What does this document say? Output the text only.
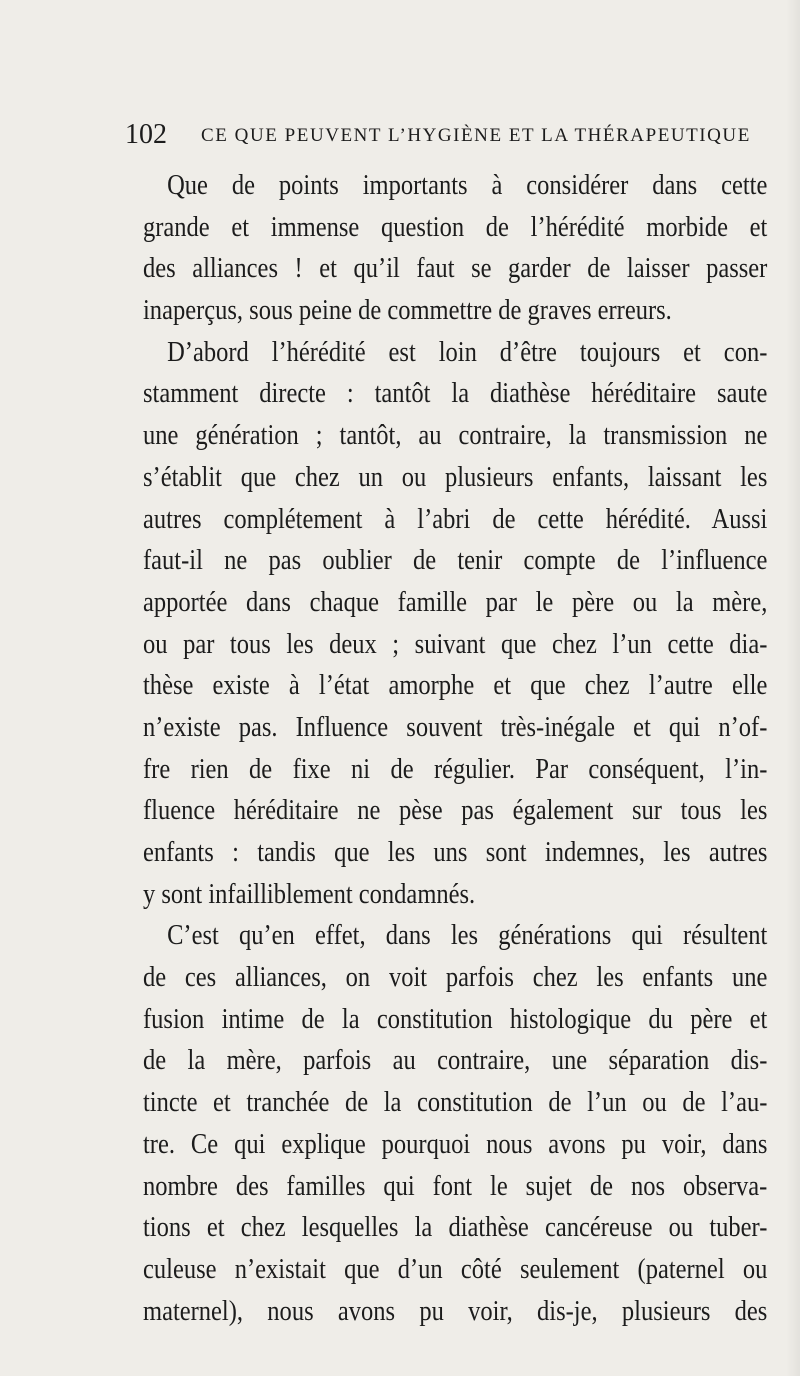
102 CE QUE PEUVENT L’HYGIÈNE ET LA THÉRAPEUTIQUE
Que de points importants à considérer dans cette
grande et immense question de l’hérédité morbide et
des alliances ! et qu’il faut se garder de laisser passer
inaperçus, sous peine de commettre de graves erreurs.
D’abord l’hérédité est loin d’être toujours et con-
stamment directe : tantôt la diathèse héréditaire saute
une génération ; tantôt, au contraire, la transmission ne
s’établit que chez un ou plusieurs enfants, laissant les
autres complétement à l’abri de cette hérédité. Aussi
faut-il ne pas oublier de tenir compte de l’influence
apportée dans chaque famille par le père ou la mère,
ou par tous les deux ; suivant que chez l’un cette dia-
thèse existe à l’état amorphe et que chez l’autre elle
n’existe pas. Influence souvent très-inégale et qui n’of-
fre rien de fixe ni de régulier. Par conséquent, l’in-
fluence héréditaire ne pèse pas également sur tous les
enfants : tandis que les uns sont indemnes, les autres
y sont infailliblement condamnés.
C’est qu’en effet, dans les générations qui résultent
de ces alliances, on voit parfois chez les enfants une
fusion intime de la constitution histologique du père et
de la mère, parfois au contraire, une séparation dis-
tincte et tranchée de la constitution de l’un ou de l’au-
tre. Ce qui explique pourquoi nous avons pu voir, dans
nombre des familles qui font le sujet de nos observa-
tions et chez lesquelles la diathèse cancéreuse ou tuber-
culeuse n’existait que d’un côté seulement (paternel ou
maternel), nous avons pu voir, dis-je, plusieurs des
